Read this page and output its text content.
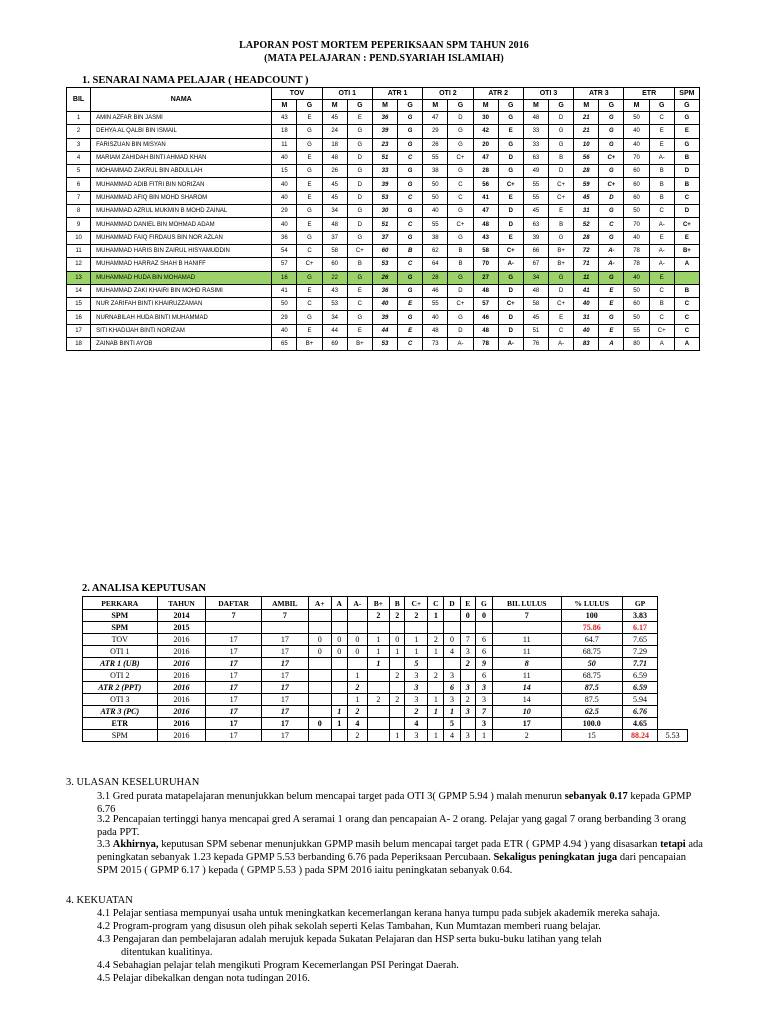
LAPORAN POST MORTEM PEPERIKSAAN SPM TAHUN 2016
(MATA PELAJARAN : PEND.SYARIAH ISLAMIAH)
1. SENARAI NAMA PELAJAR ( HEADCOUNT )
BIL	NAMA	TOV		OTI 1		ATR 1		OTI 2		ATR 2		OTI 3		ATR 3		ETR		SPM
		M	G	M	G	M	G	M	G	M	G	M	G	M	G	M	G	G
1	AMIN AZFAR BIN JASMI	43	E	45	E	36	G	47	D	30	G	48	D	21	G	50	C	G
2	DEHYA AL QALBI BIN ISMAIL	18	G	24	G	39	G	29	G	42	E	33	G	21	G	40	E	E
3	FARISZUAN BIN MISYAN	11	G	18	G	23	G	26	G	20	G	33	G	10	G	40	E	G
4	MARIAM ZAHIDAH BINTI AHMAD KHAN	40	E	48	D	51	C	55	C+	47	D	63	B	56	C+	70	A-	B
5	MOHAMMAD ZAKRUL BIN ABDULLAH	15	G	26	G	33	G	38	G	28	G	49	D	28	G	60	B	D
6	MUHAMMAD ADIB FITRI BIN NORIZAN	40	E	45	D	39	G	50	C	56	C+	55	C+	59	C+	60	B	B
7	MUHAMMAD AFIQ BIN MOHD SHAROM	40	E	45	D	53	C	50	C	41	E	55	C+	45	D	60	B	C
8	MUHAMMAD AZRUL MUKMIN B MOHD ZAINAL	29	G	34	G	30	G	40	G	47	D	45	E	31	G	50	C	D
9	MUHAMMAD DANIEL BIN MOHMAD ADAM	40	E	48	D	51	C	55	C+	48	D	63	B	52	C	70	A-	C+
10	MUHAMMAD FAIQ FIRDAUS BIN NOR AZLAN	36	G	37	G	37	G	38	G	43	E	39	G	28	G	40	E	E
11	MUHAMMAD HARIS BIN ZAIRUL HISYAMUDDIN	54	C	58	C+	60	B	62	B	58	C+	66	B+	72	A-	78	A-	B+
12	MUHAMMAD HARRAZ SHAH B HANIFF	57	C+	60	B	53	C	64	B	70	A-	67	B+	71	A-	78	A-	A
13	MUHAMMAD HUDA BIN MOHAMAD	16	G	22	G	26	G	28	G	27	G	34	G	11	G	40	E	
14	MUHAMMAD ZAKI KHAIRI BIN MOHD RASIMI	41	E	43	E	36	G	46	D	48	D	48	D	41	E	50	C	B
15	NUR ZARIFAH BINTI KHAIRUZZAMAN	50	C	53	C	40	E	55	C+	57	C+	58	C+	40	E	60	B	C
16	NURNABILAH HUDA BINTI MUHAMMAD	29	G	34	G	39	G	40	G	46	D	45	E	31	G	50	C	C
17	SITI KHADIJAH BINTI NORIZAM	40	E	44	E	44	E	48	D	48	D	51	C	40	E	55	C+	C
18	ZAINAB BINTI AYOB	65	B+	69	B+	53	C	73	A-	78	A-	76	A-	83	A	80	A	A
2. ANALISA KEPUTUSAN
PERKARA	TAHUN	DAFTAR	AMBIL	A+	A	A-	B+	B	C+	C	D	E	G	BIL LULUS	% LULUS	GP	
SPM	2014	7	7				2	2	2	1		0	0	7	100	3.83	
SPM	2015														75.86	6.17	
TOV	2016	17	17	0	0	0	1	0	1	2	0	7	6	11	64.7	7.65	
OTI 1	2016	17	17	0	0	0	1	1	1	1	4	3	6	11	68.75	7.29	
ATR 1 (UB)	2016	17	17				1		5			2	9	8	50	7.71	
OTI 2	2016	17	17			1		2	3	2	3		6	11	68.75	6.59	
ATR 2 (PPT)	2016	17	17			2			3		6	3	3	14	87.5	6.59	
OTI 3	2016	17	17			1	2	2	3	1	3	2	3	14	87.5	5.94	
ATR 3 (PC)	2016	17	17		1	2			2	1	1	3	7	10	62.5	6.76	
ETR	2016	17	17	0	1	4			4		5		3	17	100.0	4.65	
SPM	2016	17	17			2		1	3	1	4	3	1	2	15	88.24	5.53
3. ULASAN KESELURUHAN
3.1 Gred purata matapelajaran menunjukkan belum mencapai target pada OTI 3( GPMP 5.94 ) malah menurun sebanyak 0.17 kepada GPMP 6.76
3.2 Pencapaian tertinggi hanya mencapai gred A seramai 1 orang dan pencapaian A- 2 orang. Pelajar yang gagal 7 orang berbanding 3 orang pada PPT.
3.3 Akhirnya, keputusan SPM sebenar menunjukkan GPMP masih belum mencapai target pada ETR ( GPMP 4.94 ) yang disasarkan tetapi ada peningkatan sebanyak 1.23 kepada GPMP 5.53 berbanding 6.76 pada Peperiksaan Percubaan. Sekaligus peningkatan juga dari pencapaian SPM 2015 ( GPMP 6.17 ) kepada ( GPMP 5.53 ) pada SPM 2016 iaitu peningkatan sebanyak 0.64.
4. KEKUATAN
4.1 Pelajar sentiasa mempunyai usaha untuk meningkatkan kecemerlangan kerana hanya tumpu pada subjek akademik mereka sahaja.
4.2 Program-program yang disusun oleh pihak sekolah seperti Kelas Tambahan, Kun Mumtazan memberi ruang belajar.
4.3 Pengajaran dan pembelajaran adalah merujuk kepada Sukatan Pelajaran dan HSP serta buku-buku latihan yang telah
ditentukan kualitinya.
4.4 Sebahagian pelajar telah mengikuti Program Kecemerlangan PSI Peringat Daerah.
4.5 Pelajar dibekalkan dengan nota tudingan 2016.
